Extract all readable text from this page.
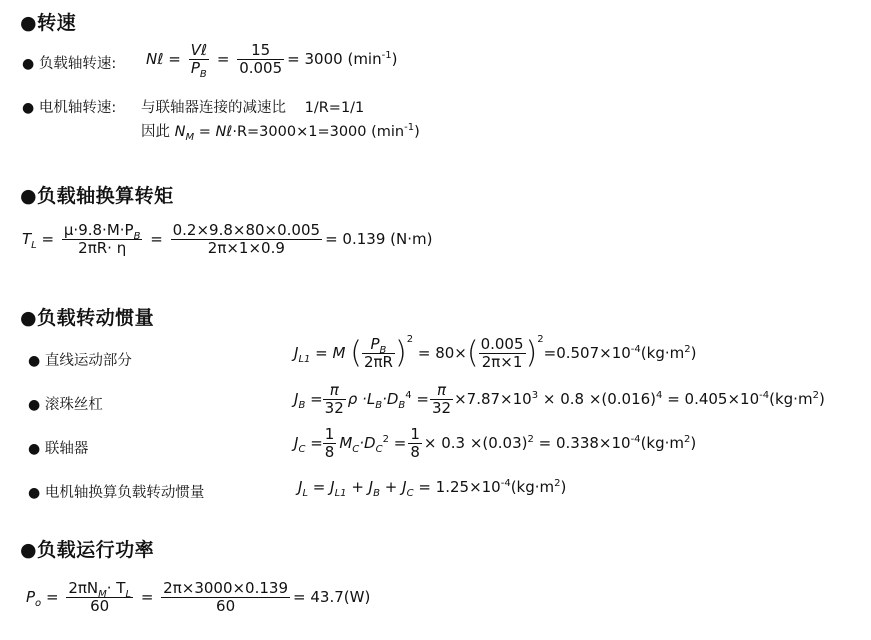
●转速
● 负载轴转速: Nℓ = $\frac{\text{Vℓ}}{P_B} = \frac{15}{0.005} = 3000$ $(\min^{-1})$
● 电机轴转速: 与联轴器连接的减速比 1/R=1/1
因此 $N_M$ = Nℓ·R=3000×1=3000 $(\min^{-1})$
●负载轴换算转矩
$T_L = \frac{\mu\cdot 9.8\cdot M\cdot P_B}{2\pi R\cdot \eta} = \frac{0.2\times 9.8\times 80\times 0.005}{2\pi\times 1\times 0.9} = 0.139$ (N·m)
●负载转动惯量
● 直线运动部分
● 滚珠丝杠
● 联轴器
● 电机轴换算负载转动惯量
$J_{L1} = M$ ( $\frac{P_B}{2\pi R} )^2 = 80\times( \frac{0.005}{2\pi\times 1} )^2=0.507\times 10^{-4}(kg\cdot m^2)$
$J_B = \frac{\pi}{32}$ $\rho \cdot L_B\cdot D_B^4 = \frac{\pi}{32} \times 7.87\times 10^3 \times 0.8 \times(0.016)^4 = 0.405\times 10^{-4}(kg\cdot m^2)$
$J_C = \frac{1}{8} M_C\cdot D_C^2 = \frac{1}{8} \times 0.3 \times(0.03)^2 = 0.338\times 10^{-4}(kg\cdot m^2)$
$J_L = J_{L1} + J_B + J_C = 1.25\times 10^{-4}(kg\cdot m^2)$
●负载运行功率
$P_o = \frac{2\pi N_M\cdot T_L}{60} = \frac{2\pi\times 3000\times 0.139}{60} = 43.7(W)$
